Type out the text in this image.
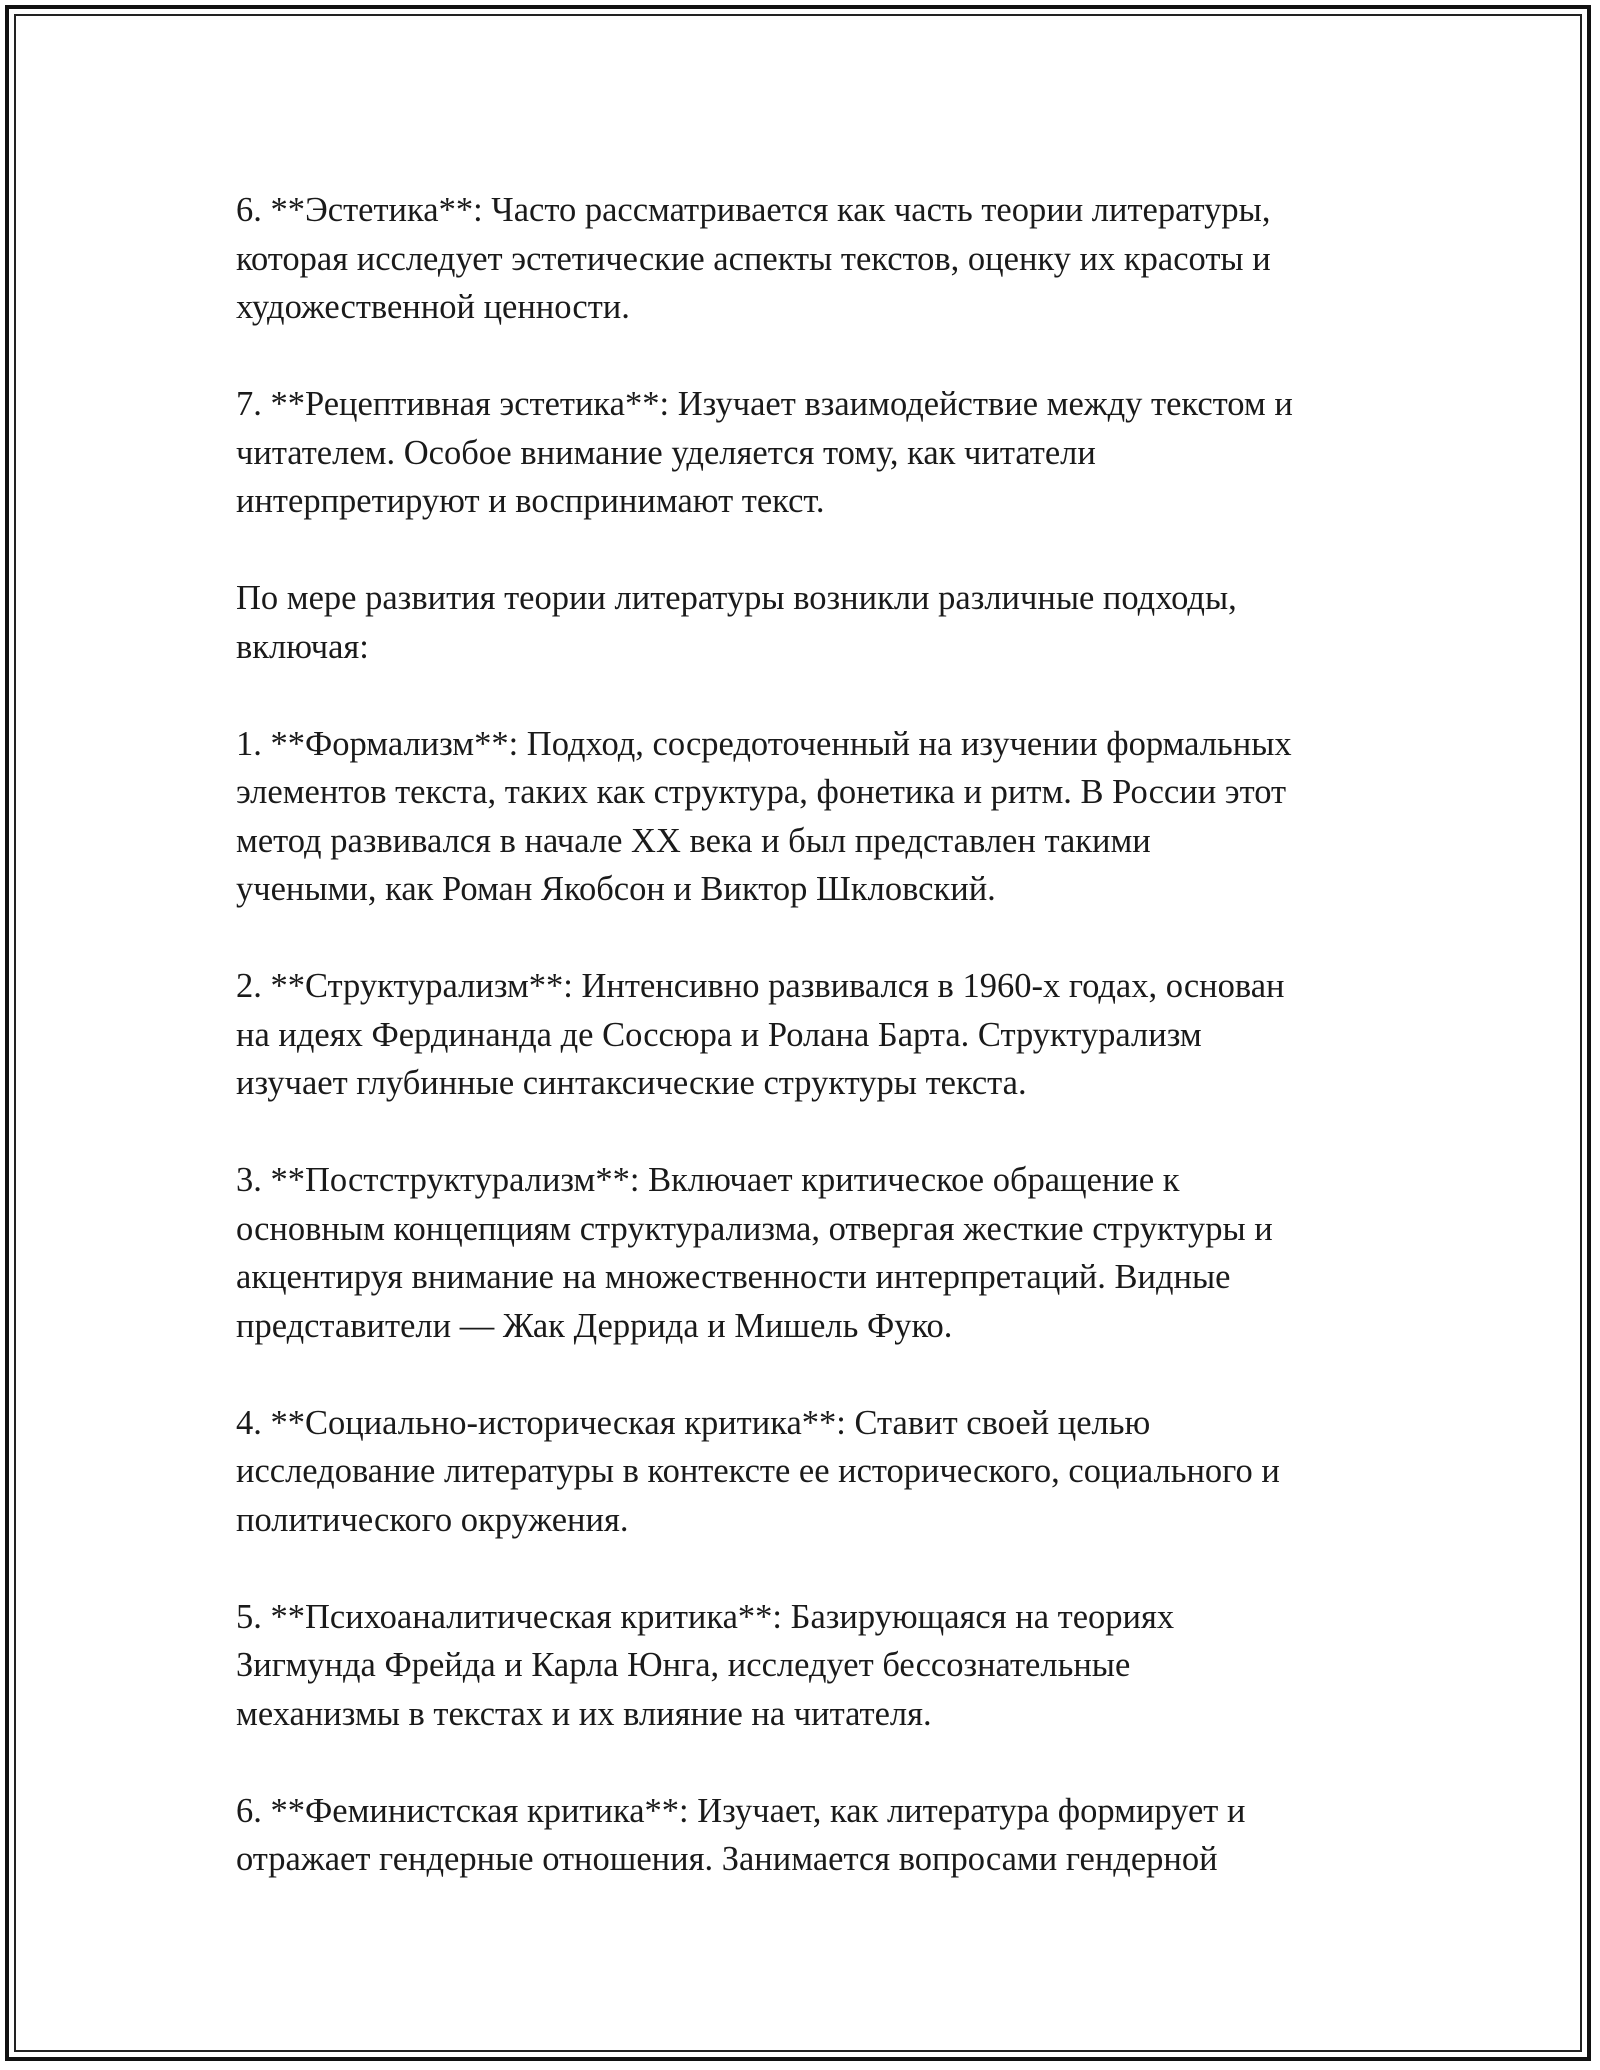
6. **Эстетика**: Часто рассматривается как часть теории литературы,
которая исследует эстетические аспекты текстов, оценку их красоты и
художественной ценности.

7. **Рецептивная эстетика**: Изучает взаимодействие между текстом и
читателем. Особое внимание уделяется тому, как читатели
интерпретируют и воспринимают текст.

По мере развития теории литературы возникли различные подходы,
включая:

1. **Формализм**: Подход, сосредоточенный на изучении формальных
элементов текста, таких как структура, фонетика и ритм. В России этот
метод развивался в начале XX века и был представлен такими
учеными, как Роман Якобсон и Виктор Шкловский.

2. **Структурализм**: Интенсивно развивался в 1960-х годах, основан
на идеях Фердинанда де Соссюра и Ролана Барта. Структурализм
изучает глубинные синтаксические структуры текста.

3. **Постструктурализм**: Включает критическое обращение к
основным концепциям структурализма, отвергая жесткие структуры и
акцентируя внимание на множественности интерпретаций. Видные
представители — Жак Деррида и Мишель Фуко.

4. **Социально-историческая критика**: Ставит своей целью
исследование литературы в контексте ее исторического, социального и
политического окружения.

5. **Психоаналитическая критика**: Базирующаяся на теориях
Зигмунда Фрейда и Карла Юнга, исследует бессознательные
механизмы в текстах и их влияние на читателя.

6. **Феминистская критика**: Изучает, как литература формирует и
отражает гендерные отношения. Занимается вопросами гендерной
